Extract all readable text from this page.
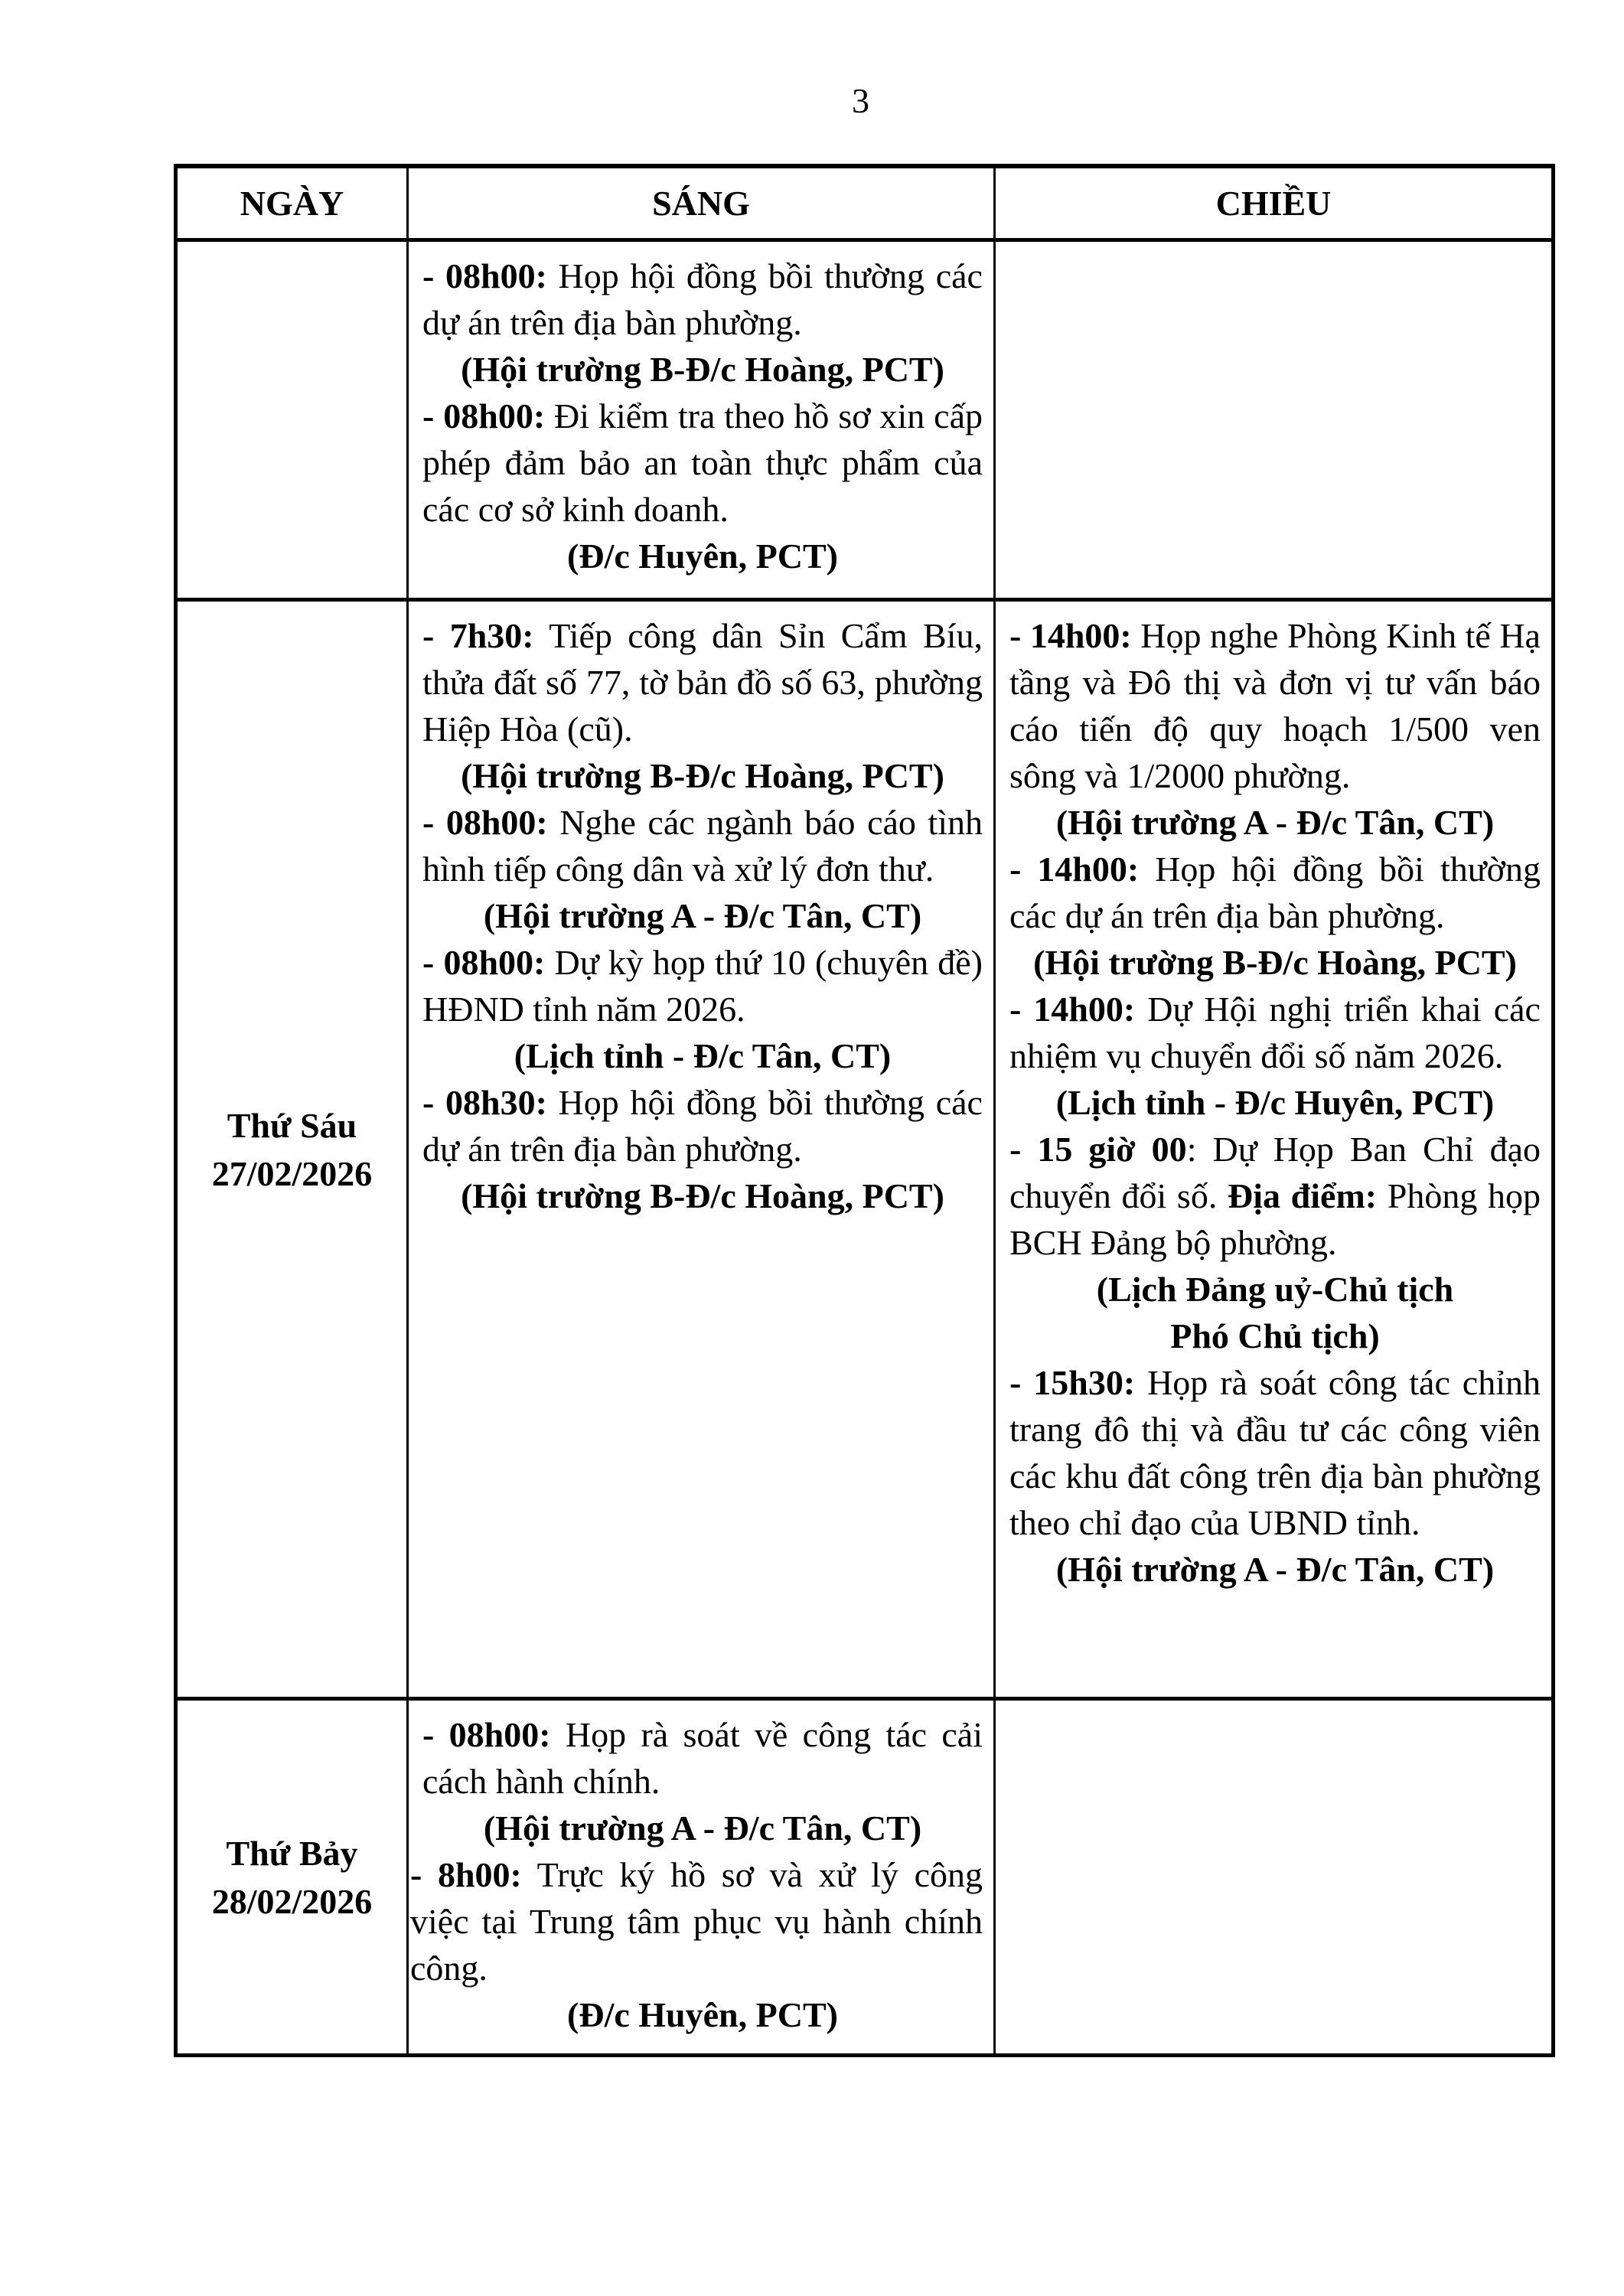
3
NGÀY	SÁNG	CHIỀU

- 08h00: Họp hội đồng bồi thường các dự án trên địa bàn phường.

(Hội trường B-Đ/c Hoàng, PCT)

- 08h00: Đi kiểm tra theo hồ sơ xin cấp phép đảm bảo an toàn thực phẩm của các cơ sở kinh doanh.

(Đ/c Huyên, PCT)

Thứ Sáu
27/02/2026

- 7h30: Tiếp công dân Sỉn Cẩm Bíu, thửa đất số 77, tờ bản đồ số 63, phường Hiệp Hòa (cũ).

(Hội trường B-Đ/c Hoàng, PCT)

- 08h00: Nghe các ngành báo cáo tình hình tiếp công dân và xử lý đơn thư.

(Hội trường A - Đ/c Tân, CT)

- 08h00: Dự kỳ họp thứ 10 (chuyên đề) HĐND tỉnh năm 2026.

(Lịch tỉnh - Đ/c Tân, CT)

- 08h30: Họp hội đồng bồi thường các dự án trên địa bàn phường.

(Hội trường B-Đ/c Hoàng, PCT)

- 14h00: Họp nghe Phòng Kinh tế Hạ tầng và Đô thị và đơn vị tư vấn báo cáo tiến độ quy hoạch 1/500 ven sông và 1/2000 phường.

(Hội trường A - Đ/c Tân, CT)

- 14h00: Họp hội đồng bồi thường các dự án trên địa bàn phường.

(Hội trường B-Đ/c Hoàng, PCT)

- 14h00: Dự Hội nghị triển khai các nhiệm vụ chuyển đổi số năm 2026.

(Lịch tỉnh - Đ/c Huyên, PCT)

- 15 giờ 00: Dự Họp Ban Chỉ đạo chuyển đổi số. Địa điểm: Phòng họp BCH Đảng bộ phường.

(Lịch Đảng uỷ-Chủ tịch
Phó Chủ tịch)

- 15h30: Họp rà soát công tác chỉnh trang đô thị và đầu tư các công viên các khu đất công trên địa bàn phường theo chỉ đạo của UBND tỉnh.

(Hội trường A - Đ/c Tân, CT)

Thứ Bảy
28/02/2026

- 08h00: Họp rà soát về công tác cải cách hành chính.

(Hội trường A - Đ/c Tân, CT)

- 8h00: Trực ký hồ sơ và xử lý công việc tại Trung tâm phục vụ hành chính công.

(Đ/c Huyên, PCT)
